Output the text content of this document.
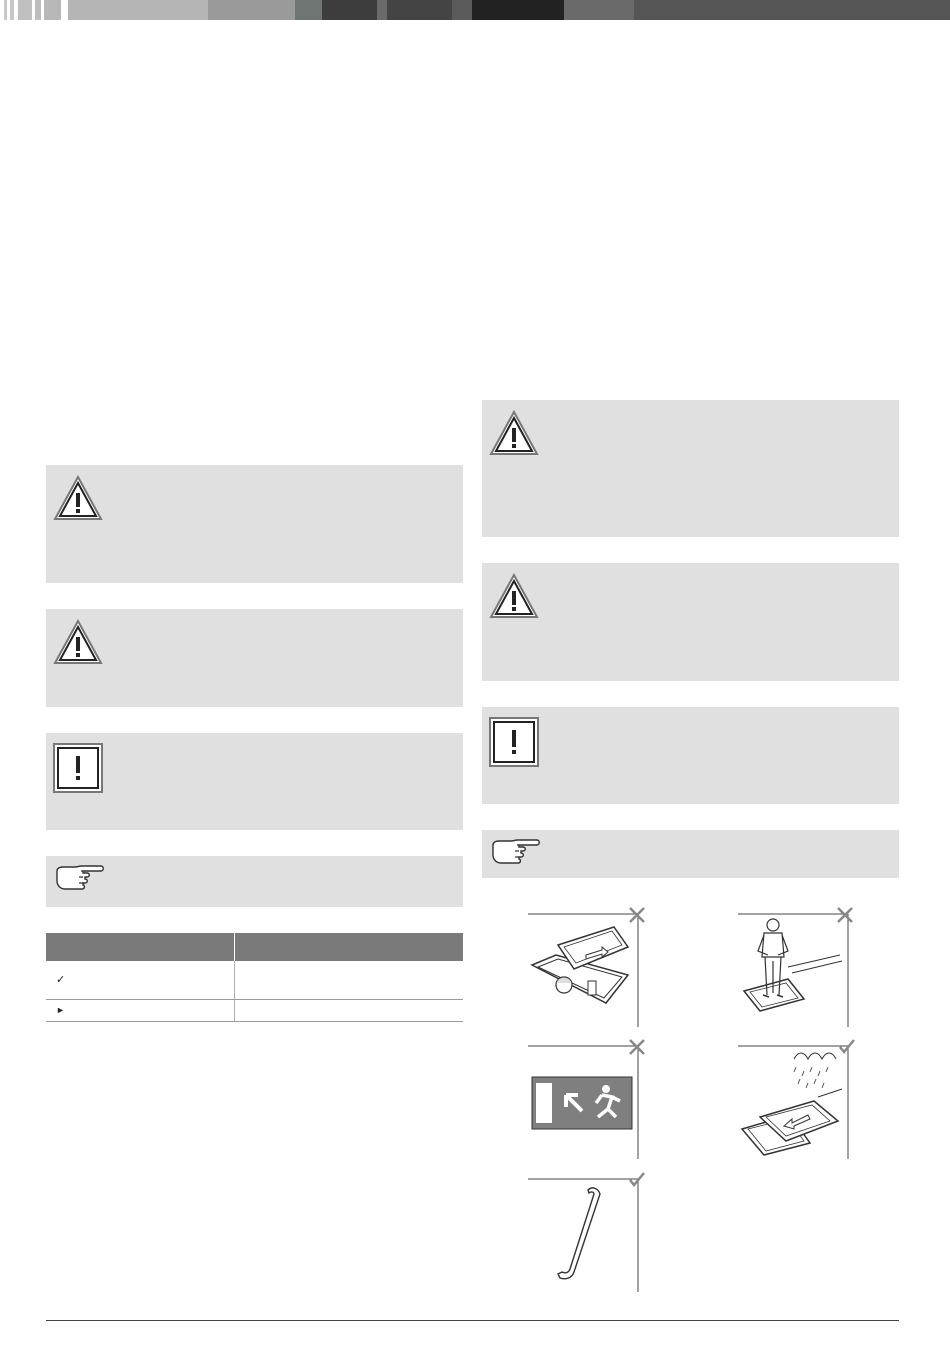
✓	
►	
